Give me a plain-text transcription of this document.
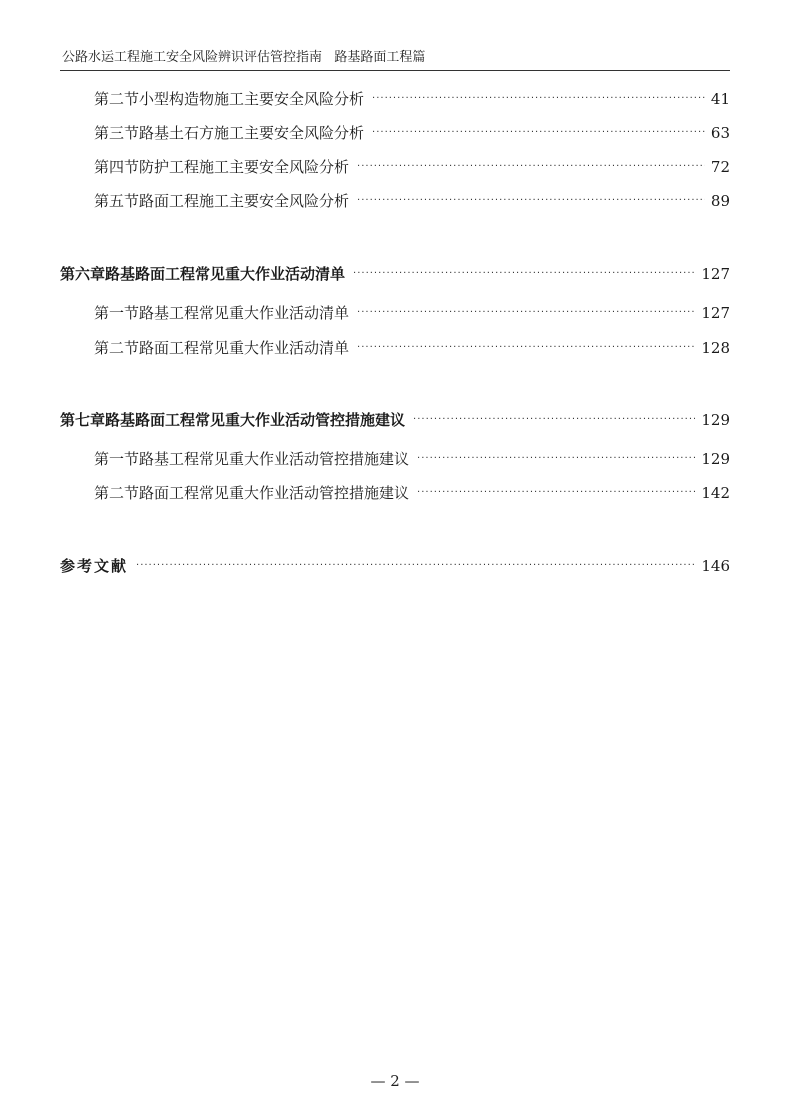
公路水运工程施工安全风险辨识评估管控指南 路基路面工程篇
第二节 小型构造物施工主要安全风险分析 ·····	41
第三节 路基土石方施工主要安全风险分析 ·····	63
第四节 防护工程施工主要安全风险分析 ·····	72
第五节 路面工程施工主要安全风险分析 ·····	89
第六章 路基路面工程常见重大作业活动清单 ·····	127
第一节 路基工程常见重大作业活动清单 ·····	127
第二节 路面工程常见重大作业活动清单 ·····	128
第七章 路基路面工程常见重大作业活动管控措施建议 ·····	129
第一节 路基工程常见重大作业活动管控措施建议 ·····	129
第二节 路面工程常见重大作业活动管控措施建议 ·····	142
参考文献 ·····	146
— 2 —
